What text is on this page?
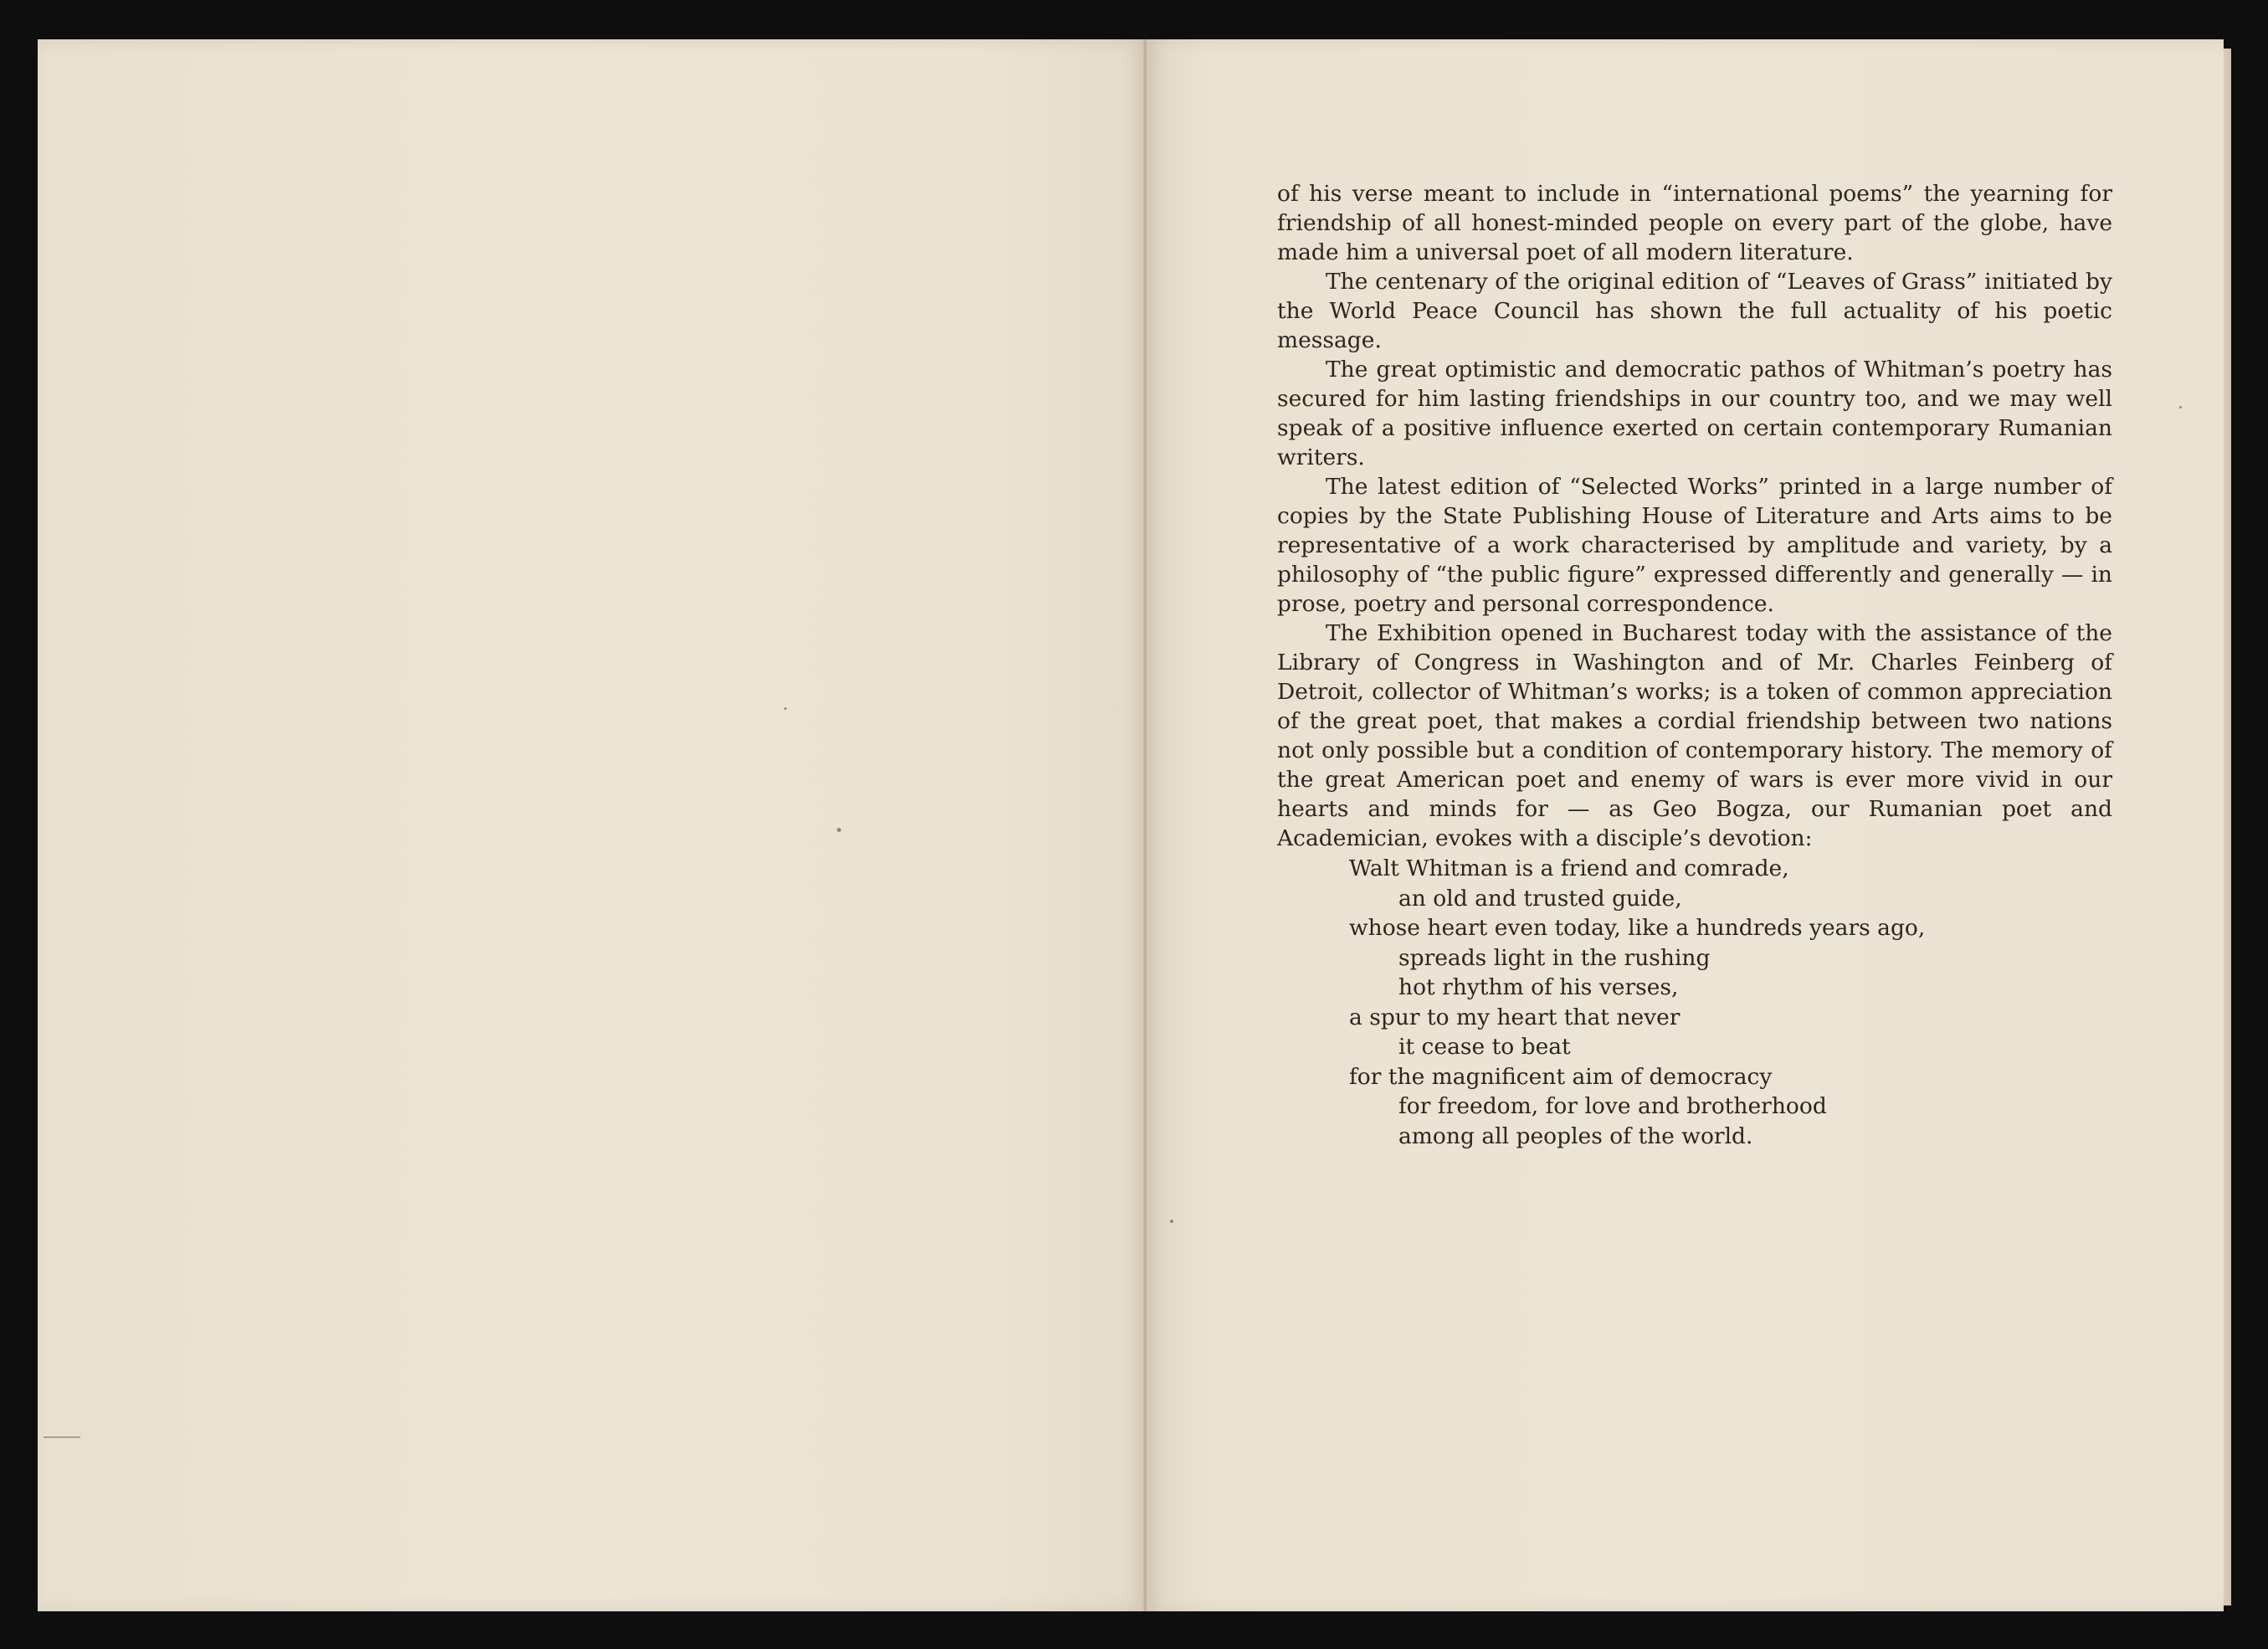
of his verse meant to include in “international poems” the yearning for friendship of all honest-minded people on every part of the globe, have made him a universal poet of all modern literature.

The centenary of the original edition of “Leaves of Grass” initiated by the World Peace Council has shown the full actuality of his poetic message.

The great optimistic and democratic pathos of Whitman’s poetry has secured for him lasting friendships in our country too, and we may well speak of a positive influence exerted on certain contemporary Rumanian writers.

The latest edition of “Selected Works” printed in a large number of copies by the State Publishing House of Literature and Arts aims to be representative of a work characterised by amplitude and variety, by a philosophy of “the public figure” expressed differently and generally — in prose, poetry and personal correspondence.

The Exhibition opened in Bucharest today with the assistance of the Library of Congress in Washington and of Mr. Charles Feinberg of Detroit, collector of Whitman’s works; is a token of common appreciation of the great poet, that makes a cordial friendship between two nations not only possible but a condition of contemporary history. The memory of the great American poet and enemy of wars is ever more vivid in our hearts and minds for — as Geo Bogza, our Rumanian poet and Academician, evokes with a disciple’s devotion:

Walt Whitman is a friend and comrade,
an old and trusted guide,
whose heart even today, like a hundreds years ago,
spreads light in the rushing
hot rhythm of his verses,
a spur to my heart that never
it cease to beat
for the magnificent aim of democracy
for freedom, for love and brotherhood
among all peoples of the world.
